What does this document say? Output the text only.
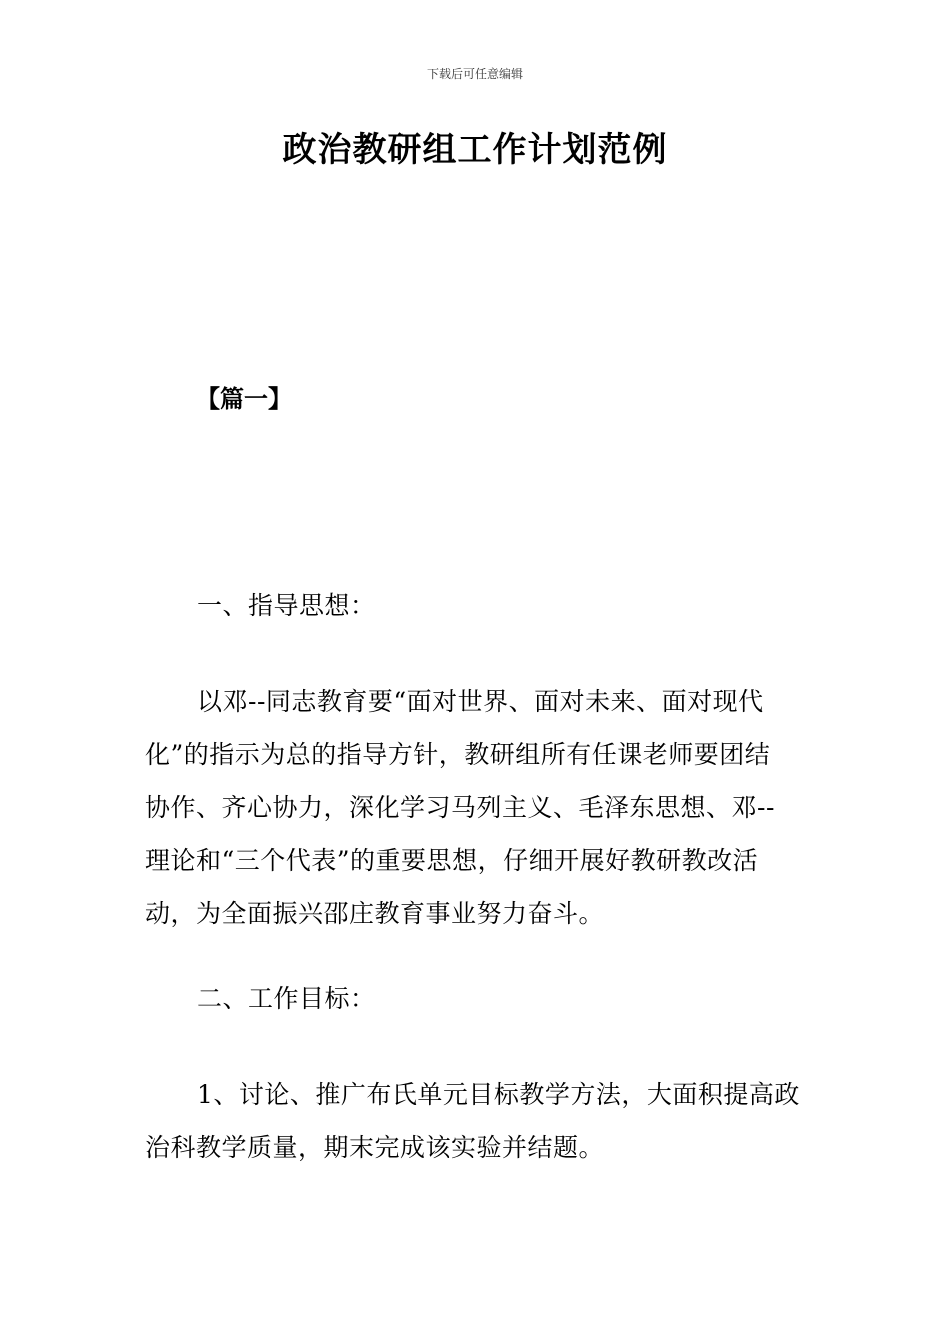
下载后可任意编辑
政治教研组工作计划范例
【篇一】
一、指导思想：
以邓--同志教育要“面对世界、面对未来、面对现代
化”的指示为总的指导方针，教研组所有任课老师要团结
协作、齐心协力，深化学习马列主义、毛泽东思想、邓--
理论和“三个代表”的重要思想，仔细开展好教研教改活
动，为全面振兴邵庄教育事业努力奋斗。
二、工作目标：
1、讨论、推广布氏单元目标教学方法，大面积提高政
治科教学质量，期末完成该实验并结题。
